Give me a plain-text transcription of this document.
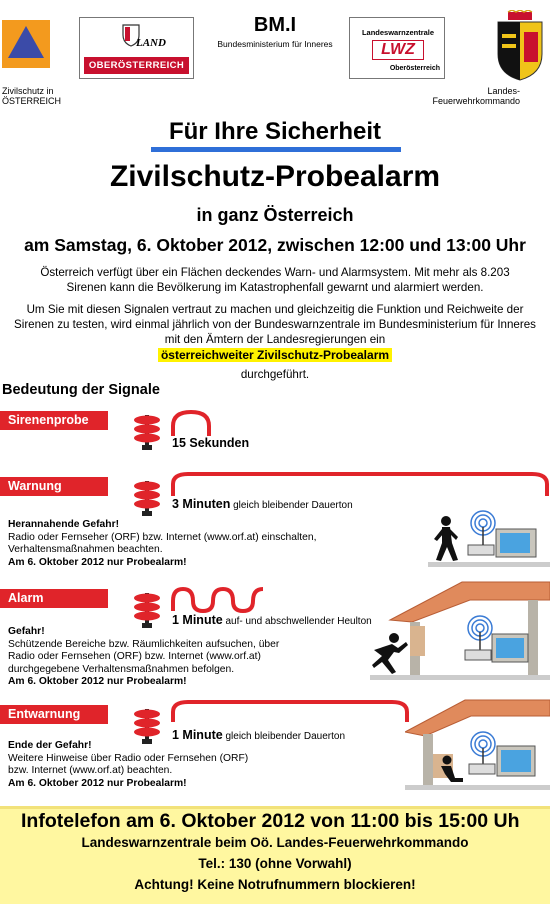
Zivilschutz in
ÖSTERREICH
LAND
OBERÖSTERREICH
BM.I
Bundesministerium für Inneres
Landeswarnzentrale
LWZ
Oberösterreich
Landes-
Feuerwehrkommando
Für Ihre Sicherheit
Zivilschutz-Probealarm
in ganz Österreich
am Samstag, 6. Oktober 2012, zwischen 12:00 und 13:00 Uhr
Österreich verfügt über ein Flächen deckendes Warn- und Alarmsystem. Mit mehr als 8.203 Sirenen kann die Bevölkerung im Katastrophenfall gewarnt und alarmiert werden.
Um Sie mit diesen Signalen vertraut zu machen und gleichzeitig die Funktion und Reichweite der Sirenen zu testen, wird einmal jährlich von der Bundeswarnzentrale im Bundesministerium für Inneres mit den Ämtern der Landesregierungen ein
österreichweiter Zivilschutz-Probealarm
durchgeführt.
Bedeutung der Signale
Sirenenprobe
15 Sekunden
Warnung
3 Minuten gleich bleibender Dauerton
Herannahende Gefahr!
Radio oder Fernseher (ORF) bzw. Internet (www.orf.at) einschalten,
Verhaltensmaßnahmen beachten.
Am 6. Oktober 2012 nur Probealarm!
Alarm
1 Minute auf- und abschwellender Heulton
Gefahr!
Schützende Bereiche bzw. Räumlichkeiten aufsuchen, über
Radio oder Fernsehen (ORF) bzw. Internet (www.orf.at)
durchgegebene Verhaltensmaßnahmen befolgen.
Am 6. Oktober 2012 nur Probealarm!
Entwarnung
1 Minute gleich bleibender Dauerton
Ende der Gefahr!
Weitere Hinweise über Radio oder Fernsehen (ORF)
bzw. Internet (www.orf.at) beachten.
Am 6. Oktober 2012 nur Probealarm!
Infotelefon am 6. Oktober 2012 von 11:00 bis 15:00 Uh
Landeswarnzentrale beim Oö. Landes-Feuerwehrkommando
Tel.: 130 (ohne Vorwahl)
Achtung! Keine Notrufnummern blockieren!
